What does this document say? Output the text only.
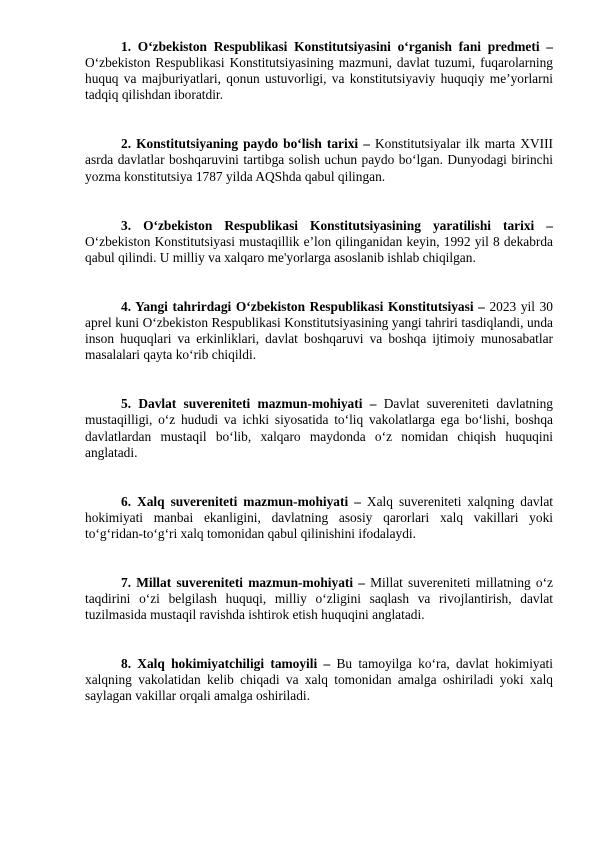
1. O‘zbekiston Respublikasi Konstitutsiyasini o‘rganish fani predmeti – O‘zbekiston Respublikasi Konstitutsiyasining mazmuni, davlat tuzumi, fuqarolarning huquq va majburiyatlari, qonun ustuvorligi, va konstitutsiyaviy huquqiy me’yorlarni tadqiq qilishdan iboratdir.

2. Konstitutsiyaning paydo bo‘lish tarixi – Konstitutsiyalar ilk marta XVIII asrda davlatlar boshqaruvini tartibga solish uchun paydo bo‘lgan. Dunyodagi birinchi yozma konstitutsiya 1787 yilda AQShda qabul qilingan.

3. O‘zbekiston Respublikasi Konstitutsiyasining yaratilishi tarixi – O‘zbekiston Konstitutsiyasi mustaqillik e’lon qilinganidan keyin, 1992 yil 8 dekabrda qabul qilindi. U milliy va xalqaro me'yorlarga asoslanib ishlab chiqilgan.

4. Yangi tahrirdagi O‘zbekiston Respublikasi Konstitutsiyasi – 2023 yil 30 aprel kuni O‘zbekiston Respublikasi Konstitutsiyasining yangi tahriri tasdiqlandi, unda inson huquqlari va erkinliklari, davlat boshqaruvi va boshqa ijtimoiy munosabatlar masalalari qayta ko‘rib chiqildi.

5. Davlat suvereniteti mazmun-mohiyati – Davlat suvereniteti davlatning mustaqilligi, o‘z hududi va ichki siyosatida to‘liq vakolatlarga ega bo‘lishi, boshqa davlatlardan mustaqil bo‘lib, xalqaro maydonda o‘z nomidan chiqish huquqini anglatadi.

6. Xalq suvereniteti mazmun-mohiyati – Xalq suvereniteti xalqning davlat hokimiyati manbai ekanligini, davlatning asosiy qarorlari xalq vakillari yoki to‘g‘ridan-to‘g‘ri xalq tomonidan qabul qilinishini ifodalaydi.

7. Millat suvereniteti mazmun-mohiyati – Millat suvereniteti millatning o‘z taqdirini o‘zi belgilash huquqi, milliy o‘zligini saqlash va rivojlantirish, davlat tuzilmasida mustaqil ravishda ishtirok etish huquqini anglatadi.

8. Xalq hokimiyatchiligi tamoyili – Bu tamoyilga ko‘ra, davlat hokimiyati xalqning vakolatidan kelib chiqadi va xalq tomonidan amalga oshiriladi yoki xalq saylagan vakillar orqali amalga oshiriladi.
